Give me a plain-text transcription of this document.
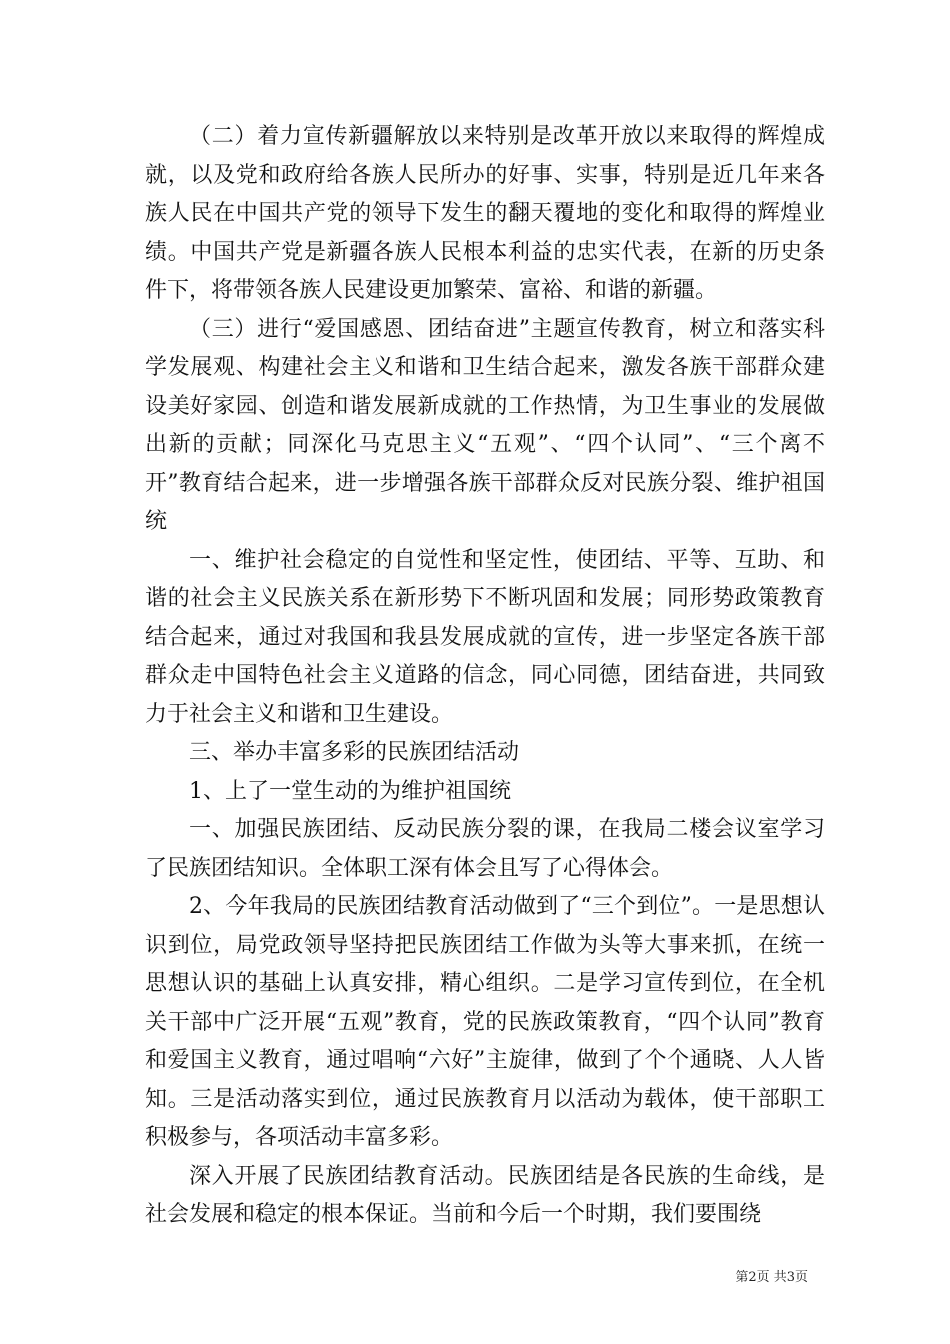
（二）着力宣传新疆解放以来特别是改革开放以来取得的辉煌成就，以及党和政府给各族人民所办的好事、实事，特别是近几年来各族人民在中国共产党的领导下发生的翻天覆地的变化和取得的辉煌业绩。中国共产党是新疆各族人民根本利益的忠实代表，在新的历史条件下，将带领各族人民建设更加繁荣、富裕、和谐的新疆。

（三）进行“爱国感恩、团结奋进”主题宣传教育，树立和落实科学发展观、构建社会主义和谐和卫生结合起来，激发各族干部群众建设美好家园、创造和谐发展新成就的工作热情，为卫生事业的发展做出新的贡献；同深化马克思主义“五观”、“四个认同”、“三个离不开”教育结合起来，进一步增强各族干部群众反对民族分裂、维护祖国统

一、维护社会稳定的自觉性和坚定性，使团结、平等、互助、和谐的社会主义民族关系在新形势下不断巩固和发展；同形势政策教育结合起来，通过对我国和我县发展成就的宣传，进一步坚定各族干部群众走中国特色社会主义道路的信念，同心同德，团结奋进，共同致力于社会主义和谐和卫生建设。

三、举办丰富多彩的民族团结活动

1、上了一堂生动的为维护祖国统

一、加强民族团结、反动民族分裂的课，在我局二楼会议室学习了民族团结知识。全体职工深有体会且写了心得体会。

2、今年我局的民族团结教育活动做到了“三个到位”。一是思想认识到位，局党政领导坚持把民族团结工作做为头等大事来抓，在统一思想认识的基础上认真安排，精心组织。二是学习宣传到位，在全机关干部中广泛开展“五观”教育，党的民族政策教育，“四个认同”教育和爱国主义教育，通过唱响“六好”主旋律，做到了个个通晓、人人皆知。三是活动落实到位，通过民族教育月以活动为载体，使干部职工积极参与，各项活动丰富多彩。

深入开展了民族团结教育活动。民族团结是各民族的生命线，是社会发展和稳定的根本保证。当前和今后一个时期，我们要围绕

第2页 共3页
